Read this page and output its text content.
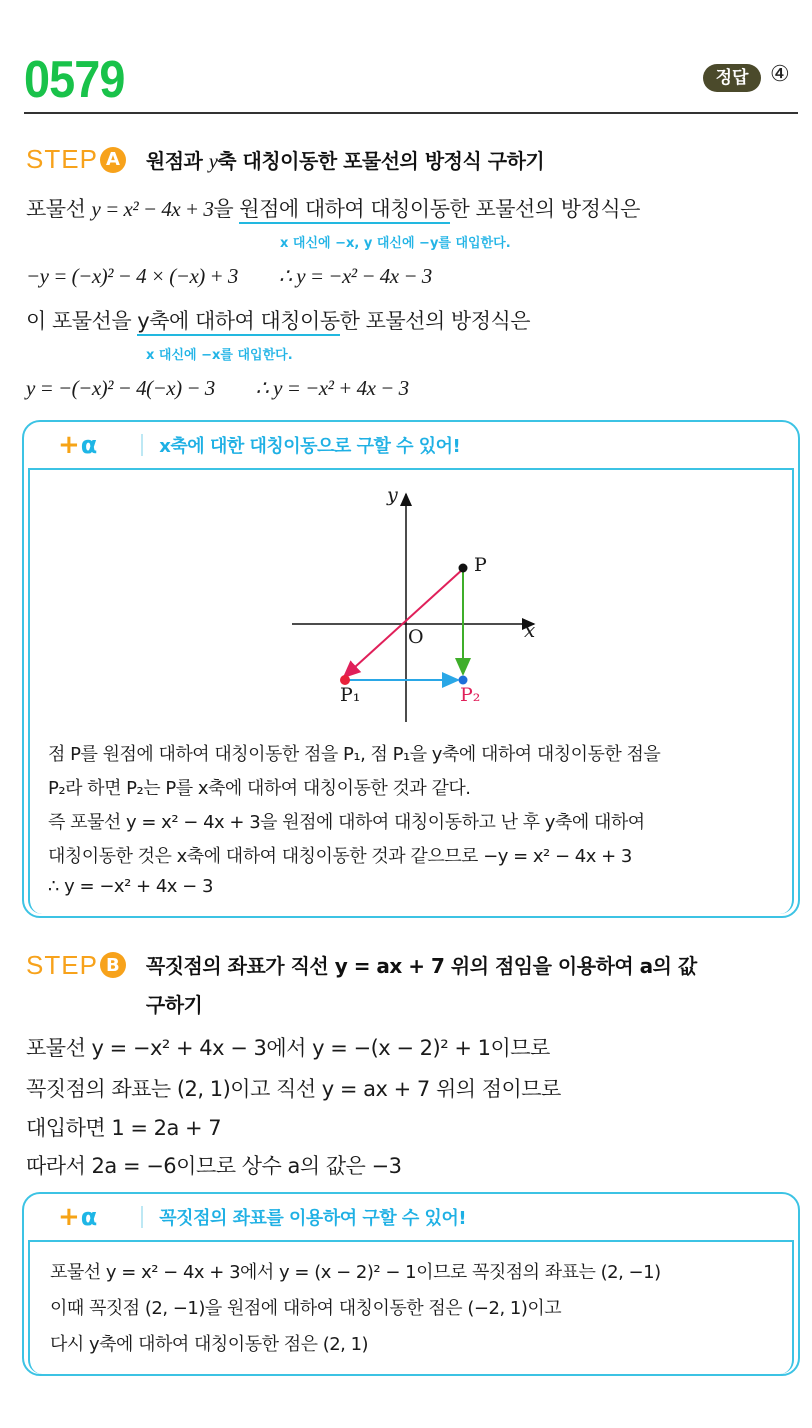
0579	정답 ④
STEP A	원점과 y축 대칭이동한 포물선의 방정식 구하기
포물선 y = x² − 4x + 3을 원점에 대하여 대칭이동한 포물선의 방정식은
x 대신에 −x, y 대신에 −y를 대입한다.
−y = (−x)² − 4 × (−x) + 3 ∴ y = −x² − 4x − 3
이 포물선을 y축에 대하여 대칭이동한 포물선의 방정식은
x 대신에 −x를 대입한다.
y = −(−x)² − 4(−x) − 3 ∴ y = −x² + 4x − 3
+ α	x축에 대한 대칭이동으로 구할 수 있어!
y
x
O
P
P₁	P₂
점 P를 원점에 대하여 대칭이동한 점을 P₁, 점 P₁을 y축에 대하여 대칭이동한 점을
P₂라 하면 P₂는 P를 x축에 대하여 대칭이동한 것과 같다.
즉 포물선 y = x² − 4x + 3을 원점에 대하여 대칭이동하고 난 후 y축에 대하여
대칭이동한 것은 x축에 대하여 대칭이동한 것과 같으므로 −y = x² − 4x + 3
∴ y = −x² + 4x − 3
STEP B	꼭짓점의 좌표가 직선 y = ax + 7 위의 점임을 이용하여 a의 값
구하기
포물선 y = −x² + 4x − 3에서 y = −(x − 2)² + 1이므로
꼭짓점의 좌표는 (2, 1)이고 직선 y = ax + 7 위의 점이므로
대입하면 1 = 2a + 7
따라서 2a = −6이므로 상수 a의 값은 −3
+ α	꼭짓점의 좌표를 이용하여 구할 수 있어!
포물선 y = x² − 4x + 3에서 y = (x − 2)² − 1이므로 꼭짓점의 좌표는 (2, −1)
이때 꼭짓점 (2, −1)을 원점에 대하여 대칭이동한 점은 (−2, 1)이고
다시 y축에 대하여 대칭이동한 점은 (2, 1)
